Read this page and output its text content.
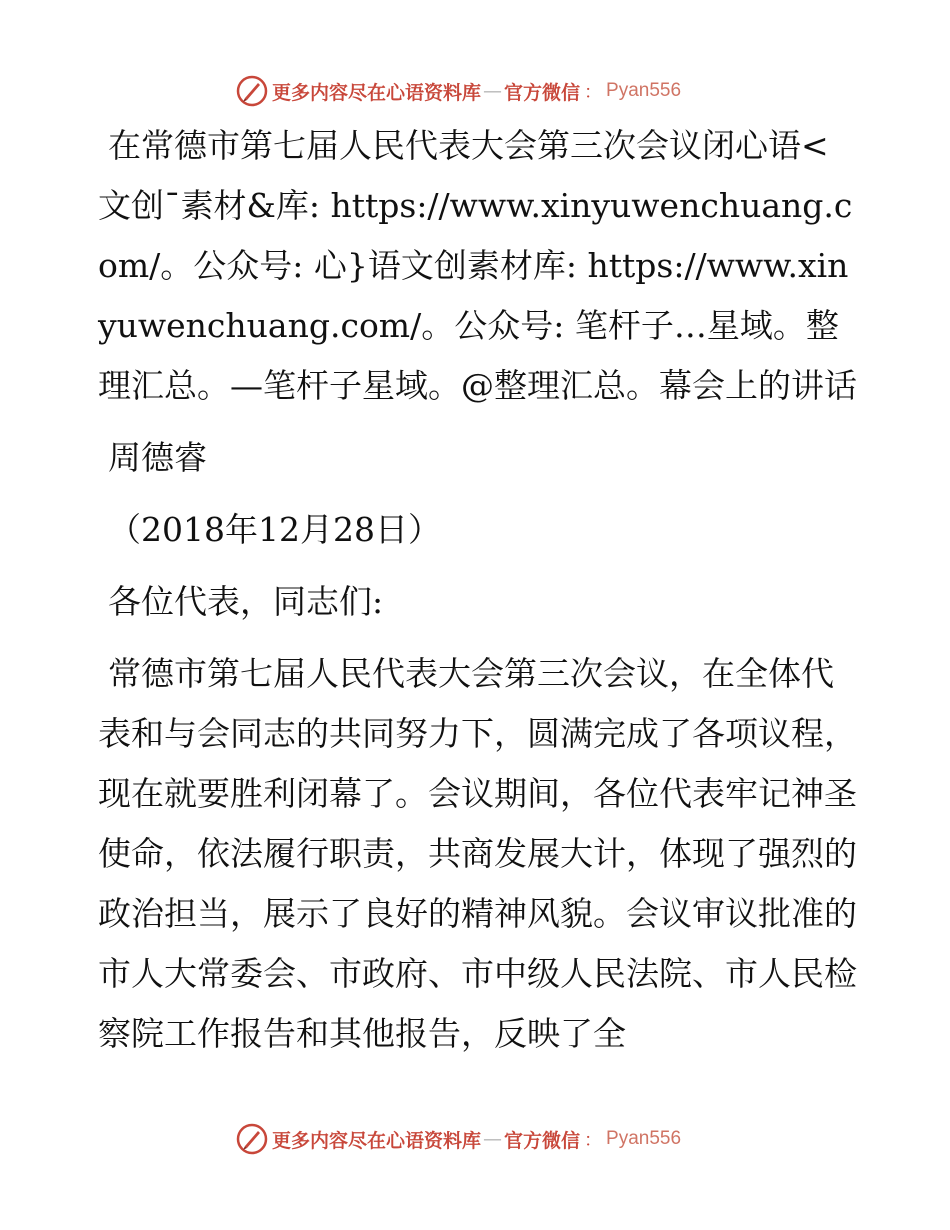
更多内容尽在心语资料库 — 官方微信 ： Pyan556

在常德市第七届人民代表大会第三次会议闭心语<文创¯素材&库: https://www.xinyuwenchuang.com/。公众号: 心}语文创素材库: https://www.xinyuwenchuang.com/。公众号: 笔杆子…星域。整理汇总。—笔杆子星域。@整理汇总。幕会上的讲话

周德睿

（2018年12月28日）

各位代表，同志们:

常德市第七届人民代表大会第三次会议，在全体代表和与会同志的共同努力下，圆满完成了各项议程，现在就要胜利闭幕了。会议期间，各位代表牢记神圣使命，依法履行职责，共商发展大计，体现了强烈的政治担当，展示了良好的精神风貌。会议审议批准的市人大常委会、市政府、市中级人民法院、市人民检察院工作报告和其他报告，反映了全

更多内容尽在心语资料库 — 官方微信 ： Pyan556
